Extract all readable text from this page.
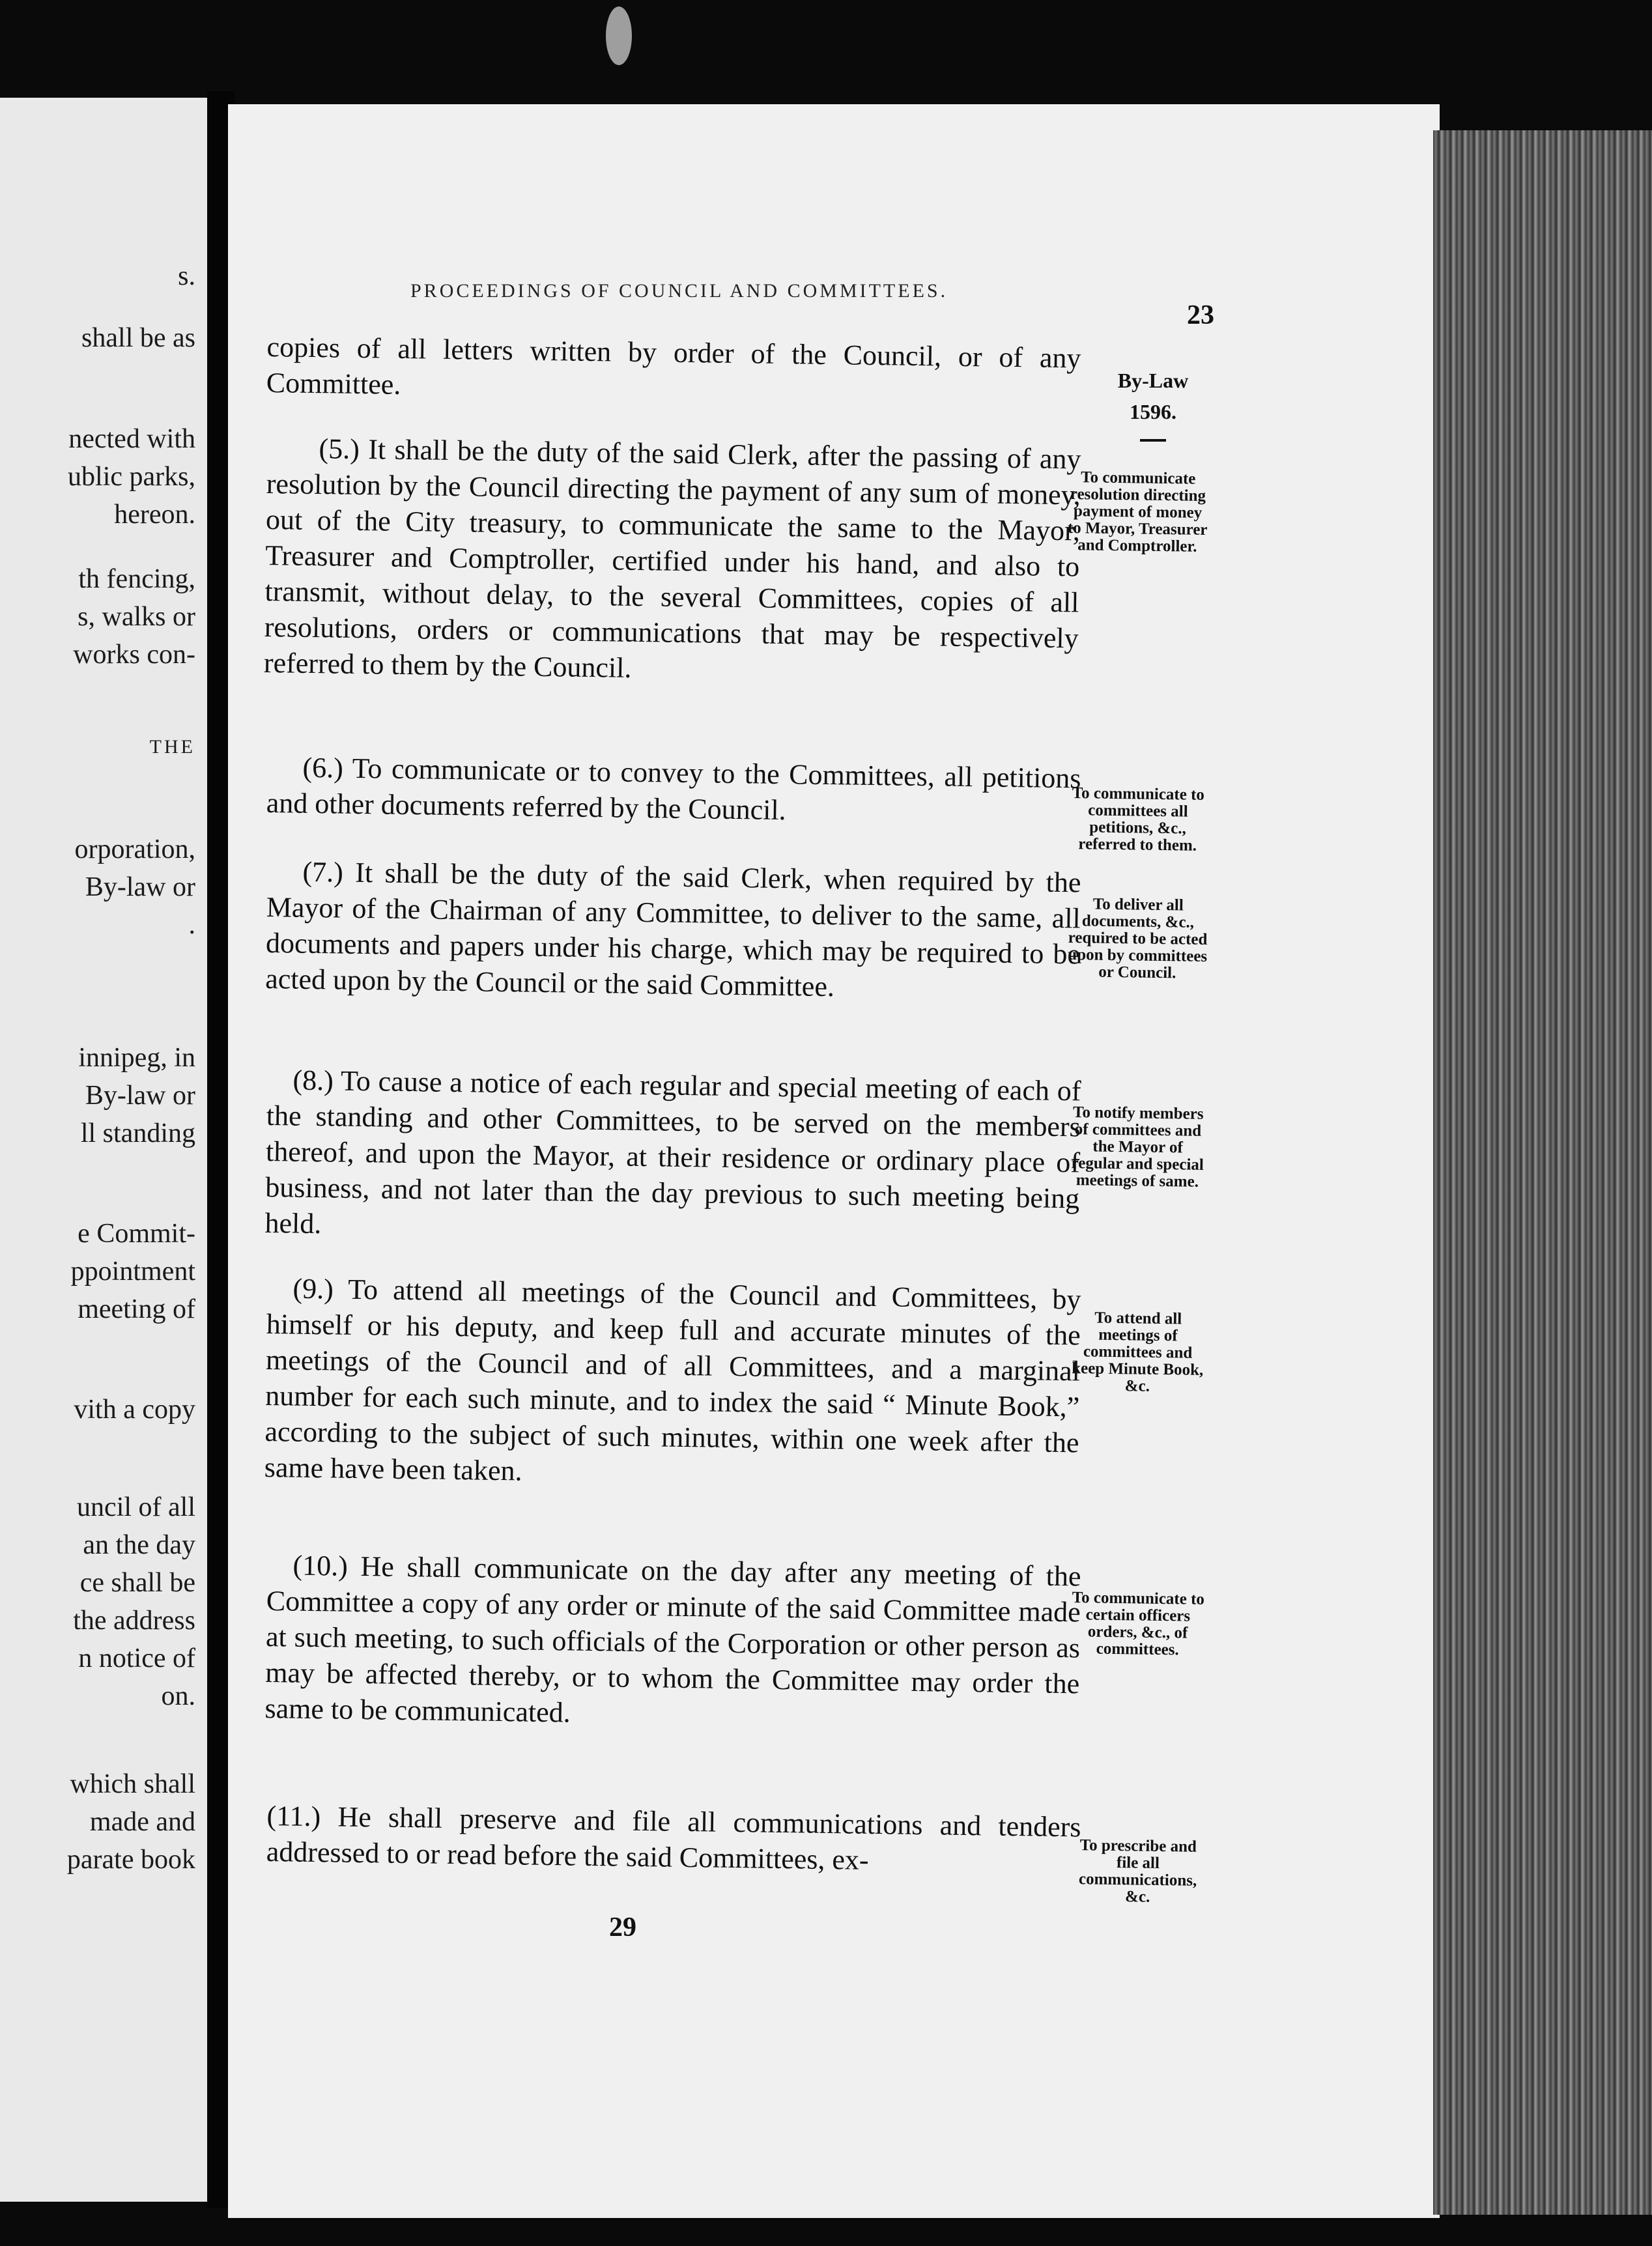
s.
shall be as
nected with
ublic parks,
hereon.
th fencing,
s, walks or
works con-
THE
orporation,
By-law or
.
innipeg, in
By-law or
ll standing
e Commit-
ppointment
meeting of
vith a copy
uncil of all
an the day
ce shall be
the address
n notice of
on.
which shall
made and
parate book
PROCEEDINGS OF COUNCIL AND COMMITTEES.
23
By-Law
1596.
copies of all letters written by order of the Council, or of any Committee.
(5.) It shall be the duty of the said Clerk, after the passing of any resolution by the Council directing the payment of any sum of money, out of the City treasury, to communicate the same to the Mayor, Treasurer and Comptroller, certified under his hand, and also to transmit, without delay, to the several Committees, copies of all resolutions, orders or communications that may be respectively referred to them by the Council.
(6.) To communicate or to convey to the Committees, all petitions and other documents referred by the Council.
(7.) It shall be the duty of the said Clerk, when required by the Mayor of the Chairman of any Committee, to deliver to the same, all documents and papers under his charge, which may be required to be acted upon by the Council or the said Committee.
(8.) To cause a notice of each regular and special meeting of each of the standing and other Committees, to be served on the members thereof, and upon the Mayor, at their residence or ordinary place of business, and not later than the day previous to such meeting being held.
(9.) To attend all meetings of the Council and Committees, by himself or his deputy, and keep full and accurate minutes of the meetings of the Council and of all Committees, and a marginal number for each such minute, and to index the said “ Minute Book,” according to the subject of such minutes, within one week after the same have been taken.
(10.) He shall communicate on the day after any meeting of the Committee a copy of any order or minute of the said Committee made at such meeting, to such officials of the Corporation or other person as may be affected thereby, or to whom the Committee may order the same to be communicated.
(11.) He shall preserve and file all communications and tenders addressed to or read before the said Committees, ex-
To communicate resolution directing payment of money to Mayor, Treasurer and Comptroller.
To communicate to committees all petitions, &c., referred to them.
To deliver all documents, &c., required to be acted upon by committees or Council.
To notify members of committees and the Mayor of regular and special meetings of same.
To attend all meetings of committees and keep Minute Book, &c.
To communicate to certain officers orders, &c., of committees.
To prescribe and file all communications, &c.
29
